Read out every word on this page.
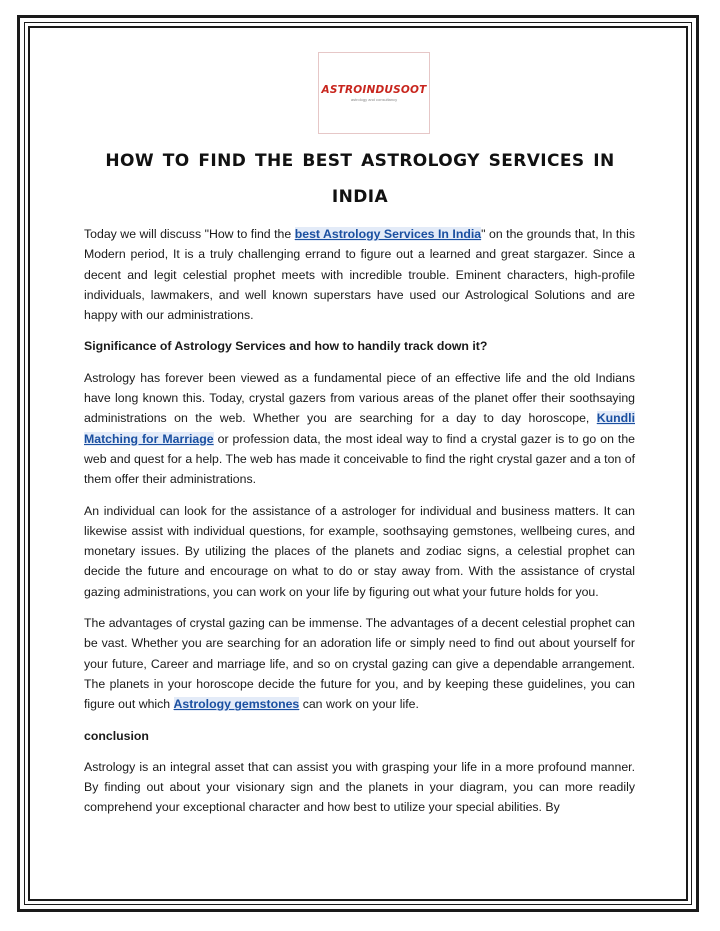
ASTROINDUSOOT
astrology and consultancy
how to find the best astrology services in india

Today we will discuss "How to find the best Astrology Services In India" on the grounds that, In this Modern period, It is a truly challenging errand to figure out a learned and great stargazer. Since a decent and legit celestial prophet meets with incredible trouble. Eminent characters, high-profile individuals, lawmakers, and well known superstars have used our Astrological Solutions and are happy with our administrations.

Significance of Astrology Services and how to handily track down it?

Astrology has forever been viewed as a fundamental piece of an effective life and the old Indians have long known this. Today, crystal gazers from various areas of the planet offer their soothsaying administrations on the web. Whether you are searching for a day to day horoscope, Kundli Matching for Marriage or profession data, the most ideal way to find a crystal gazer is to go on the web and quest for a help. The web has made it conceivable to find the right crystal gazer and a ton of them offer their administrations.

An individual can look for the assistance of a astrologer for individual and business matters. It can likewise assist with individual questions, for example, soothsaying gemstones, wellbeing cures, and monetary issues. By utilizing the places of the planets and zodiac signs, a celestial prophet can decide the future and encourage on what to do or stay away from. With the assistance of crystal gazing administrations, you can work on your life by figuring out what your future holds for you.

The advantages of crystal gazing can be immense. The advantages of a decent celestial prophet can be vast. Whether you are searching for an adoration life or simply need to find out about yourself for your future, Career and marriage life, and so on crystal gazing can give a dependable arrangement. The planets in your horoscope decide the future for you, and by keeping these guidelines, you can figure out which Astrology gemstones can work on your life.

conclusion

Astrology is an integral asset that can assist you with grasping your life in a more profound manner. By finding out about your visionary sign and the planets in your diagram, you can more readily comprehend your exceptional character and how best to utilize your special abilities. By
